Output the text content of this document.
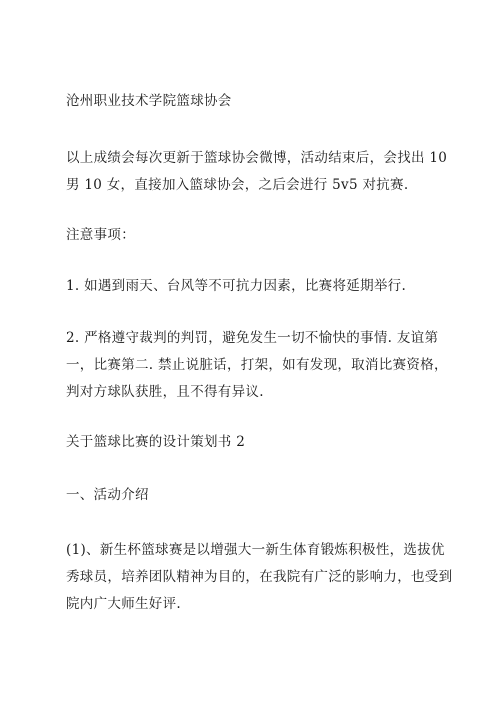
沧州职业技术学院篮球协会

以上成绩会每次更新于篮球协会微博，活动结束后，会找出 10
男 10 女，直接加入篮球协会，之后会进行 5v5 对抗赛.

注意事项：

1. 如遇到雨天、台风等不可抗力因素，比赛将延期举行.

2. 严格遵守裁判的判罚，避免发生一切不愉快的事情. 友谊第
一，比赛第二. 禁止说脏话，打架，如有发现，取消比赛资格，
判对方球队获胜，且不得有异议.

关于篮球比赛的设计策划书 2

一、活动介绍

(1)、新生杯篮球赛是以增强大一新生体育锻炼积极性，选拔优
秀球员，培养团队精神为目的，在我院有广泛的影响力，也受到
院内广大师生好评.
